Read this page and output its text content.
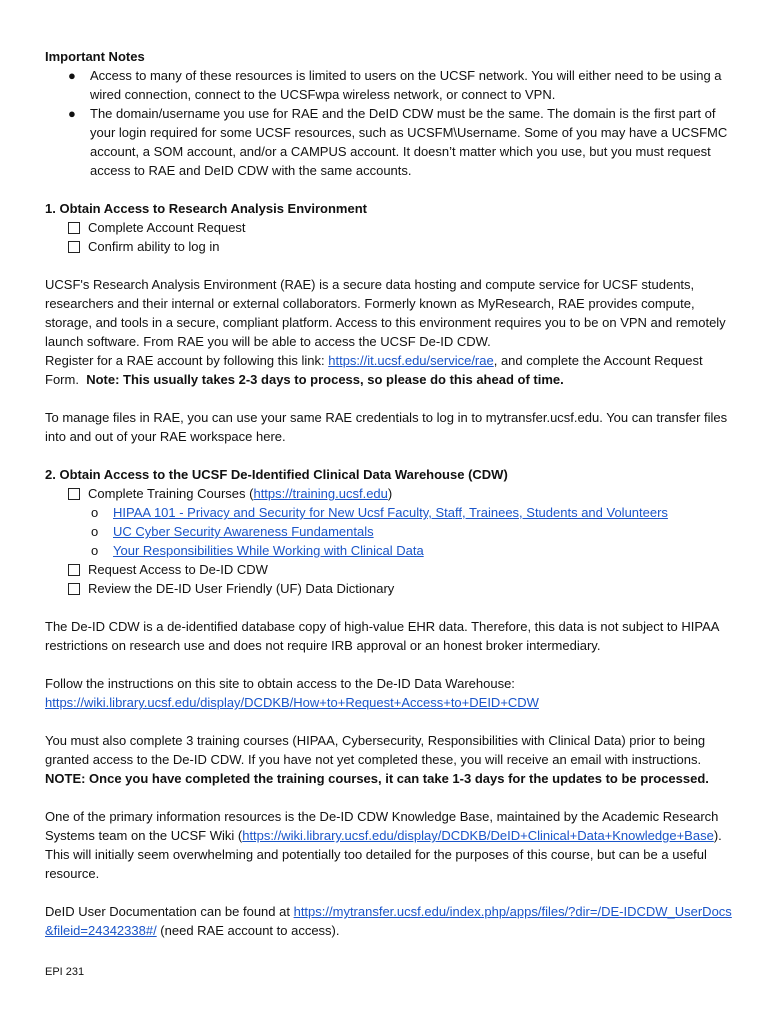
Important Notes

● Access to many of these resources is limited to users on the UCSF network. You will either need to be using a wired connection, connect to the UCSFwpa wireless network, or connect to VPN.
● The domain/username you use for RAE and the DeID CDW must be the same. The domain is the first part of your login required for some UCSF resources, such as UCSFM\Username. Some of you may have a UCSFMC account, a SOM account, and/or a CAMPUS account. It doesn’t matter which you use, but you must request access to RAE and DeID CDW with the same accounts.

1. Obtain Access to Research Analysis Environment

Complete Account Request
Confirm ability to log in

UCSF's Research Analysis Environment (RAE) is a secure data hosting and compute service for UCSF students, researchers and their internal or external collaborators. Formerly known as MyResearch, RAE provides compute, storage, and tools in a secure, compliant platform. Access to this environment requires you to be on VPN and remotely launch software. From RAE you will be able to access the UCSF De-ID CDW.

Register for a RAE account by following this link: https://it.ucsf.edu/service/rae, and complete the Account Request Form. Note: This usually takes 2-3 days to process, so please do this ahead of time.

To manage files in RAE, you can use your same RAE credentials to log in to mytransfer.ucsf.edu. You can transfer files into and out of your RAE workspace here.

2. Obtain Access to the UCSF De-Identified Clinical Data Warehouse (CDW)

Complete Training Courses (https://training.ucsf.edu)
o HIPAA 101 - Privacy and Security for New Ucsf Faculty, Staff, Trainees, Students and Volunteers
o UC Cyber Security Awareness Fundamentals
o Your Responsibilities While Working with Clinical Data
Request Access to De-ID CDW
Review the DE-ID User Friendly (UF) Data Dictionary

The De-ID CDW is a de-identified database copy of high-value EHR data. Therefore, this data is not subject to HIPAA restrictions on research use and does not require IRB approval or an honest broker intermediary.

Follow the instructions on this site to obtain access to the De-ID Data Warehouse:

https://wiki.library.ucsf.edu/display/DCDKB/How+to+Request+Access+to+DEID+CDW

You must also complete 3 training courses (HIPAA, Cybersecurity, Responsibilities with Clinical Data) prior to being granted access to the De-ID CDW. If you have not yet completed these, you will receive an email with instructions. NOTE: Once you have completed the training courses, it can take 1-3 days for the updates to be processed.

One of the primary information resources is the De-ID CDW Knowledge Base, maintained by the Academic Research Systems team on the UCSF Wiki (https://wiki.library.ucsf.edu/display/DCDKB/DeID+Clinical+Data+Knowledge+Base). This will initially seem overwhelming and potentially too detailed for the purposes of this course, but can be a useful resource.

DeID User Documentation can be found at https://mytransfer.ucsf.edu/index.php/apps/files/?dir=/DE-IDCDW_UserDocs&fileid=24342338#/ (need RAE account to access).

EPI 231
